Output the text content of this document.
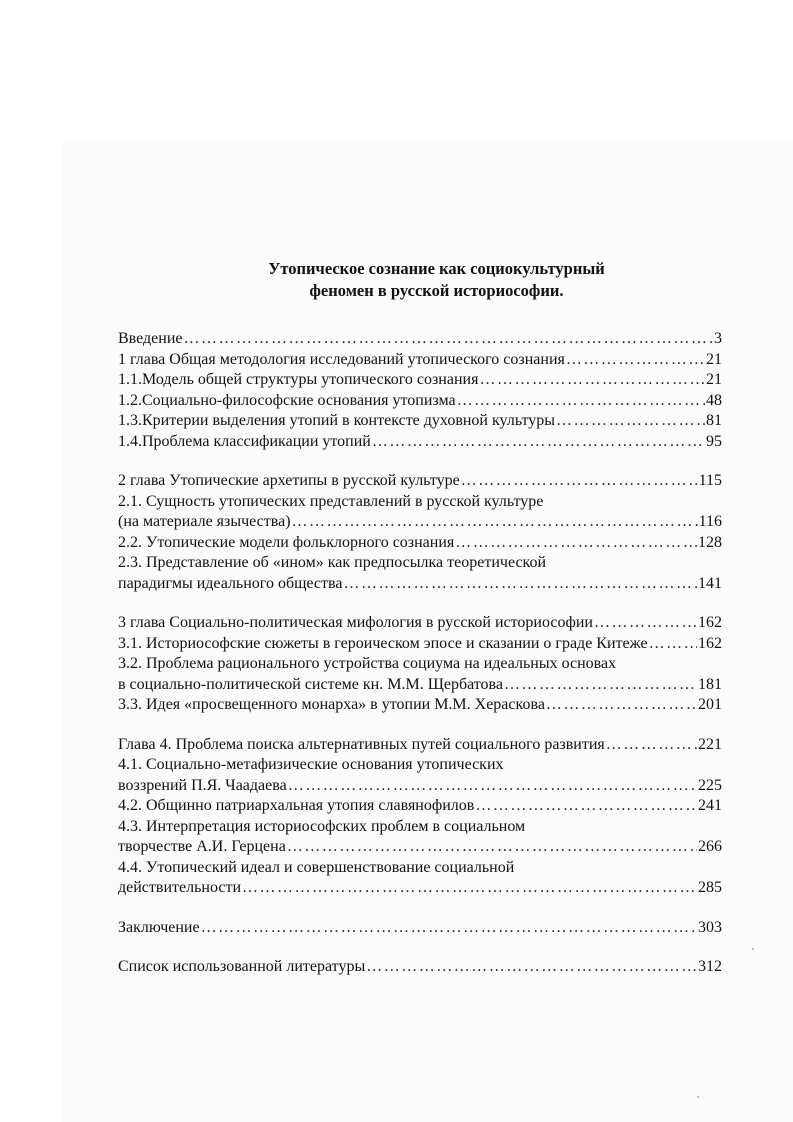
Утопическое сознание как социокультурный
феномен в русской историософии.
Введение ………………………………………………………………………………………………………………………………………………………	3
1 глава Общая методология исследований утопического сознания ………………………………………………………………………………………………………………………………………………………	21
1.1.Модель общей структуры утопического сознания ………………………………………………………………………………………………………………………………………………………	21
1.2.Социально-философские основания утопизма ………………………………………………………………………………………………………………………………………………………	48
1.3.Критерии выделения утопий в контексте духовной культуры ………………………………………………………………………………………………………………………………………………………	81
1.4.Проблема классификации утопий ………………………………………………………………………………………………………………………………………………………	95
2 глава Утопические архетипы в русской культуре ………………………………………………………………………………………………………………………………………………………	115
2.1. Сущность утопических представлений в русской культуре
(на материале язычества) ………………………………………………………………………………………………………………………………………………………	116
2.2. Утопические модели фольклорного сознания ………………………………………………………………………………………………………………………………………………………	128
2.3. Представление об «ином» как предпосылка теоретической
парадигмы идеального общества ………………………………………………………………………………………………………………………………………………………	141
3 глава Социально-политическая мифология в русской историософии ………………………………………………………………………………………………………………………………………………………	162
3.1. Историософские сюжеты в героическом эпосе и сказании о граде Китеже ………………………………………………………………………………………………………………………………………………………	162
3.2. Проблема рационального устройства социума на идеальных основах
в социально-политической системе кн. М.М. Щербатова ………………………………………………………………………………………………………………………………………………………	181
3.3. Идея «просвещенного монарха» в утопии М.М. Хераскова ………………………………………………………………………………………………………………………………………………………	201
Глава 4. Проблема поиска альтернативных путей социального развития ………………………………………………………………………………………………………………………………………………………	221
4.1. Социально-метафизические основания утопических
воззрений П.Я. Чаадаева ………………………………………………………………………………………………………………………………………………………	225
4.2. Общинно патриархальная утопия славянофилов ………………………………………………………………………………………………………………………………………………………	241
4.3. Интерпретация историософских проблем в социальном
творчестве А.И. Герцена ………………………………………………………………………………………………………………………………………………………	266
4.4. Утопический идеал и совершенствование социальной
действительности ………………………………………………………………………………………………………………………………………………………	285
Заключение ………………………………………………………………………………………………………………………………………………………	303
Список использованной литературы ………………………………………………………………………………………………………………………………………………………	312
